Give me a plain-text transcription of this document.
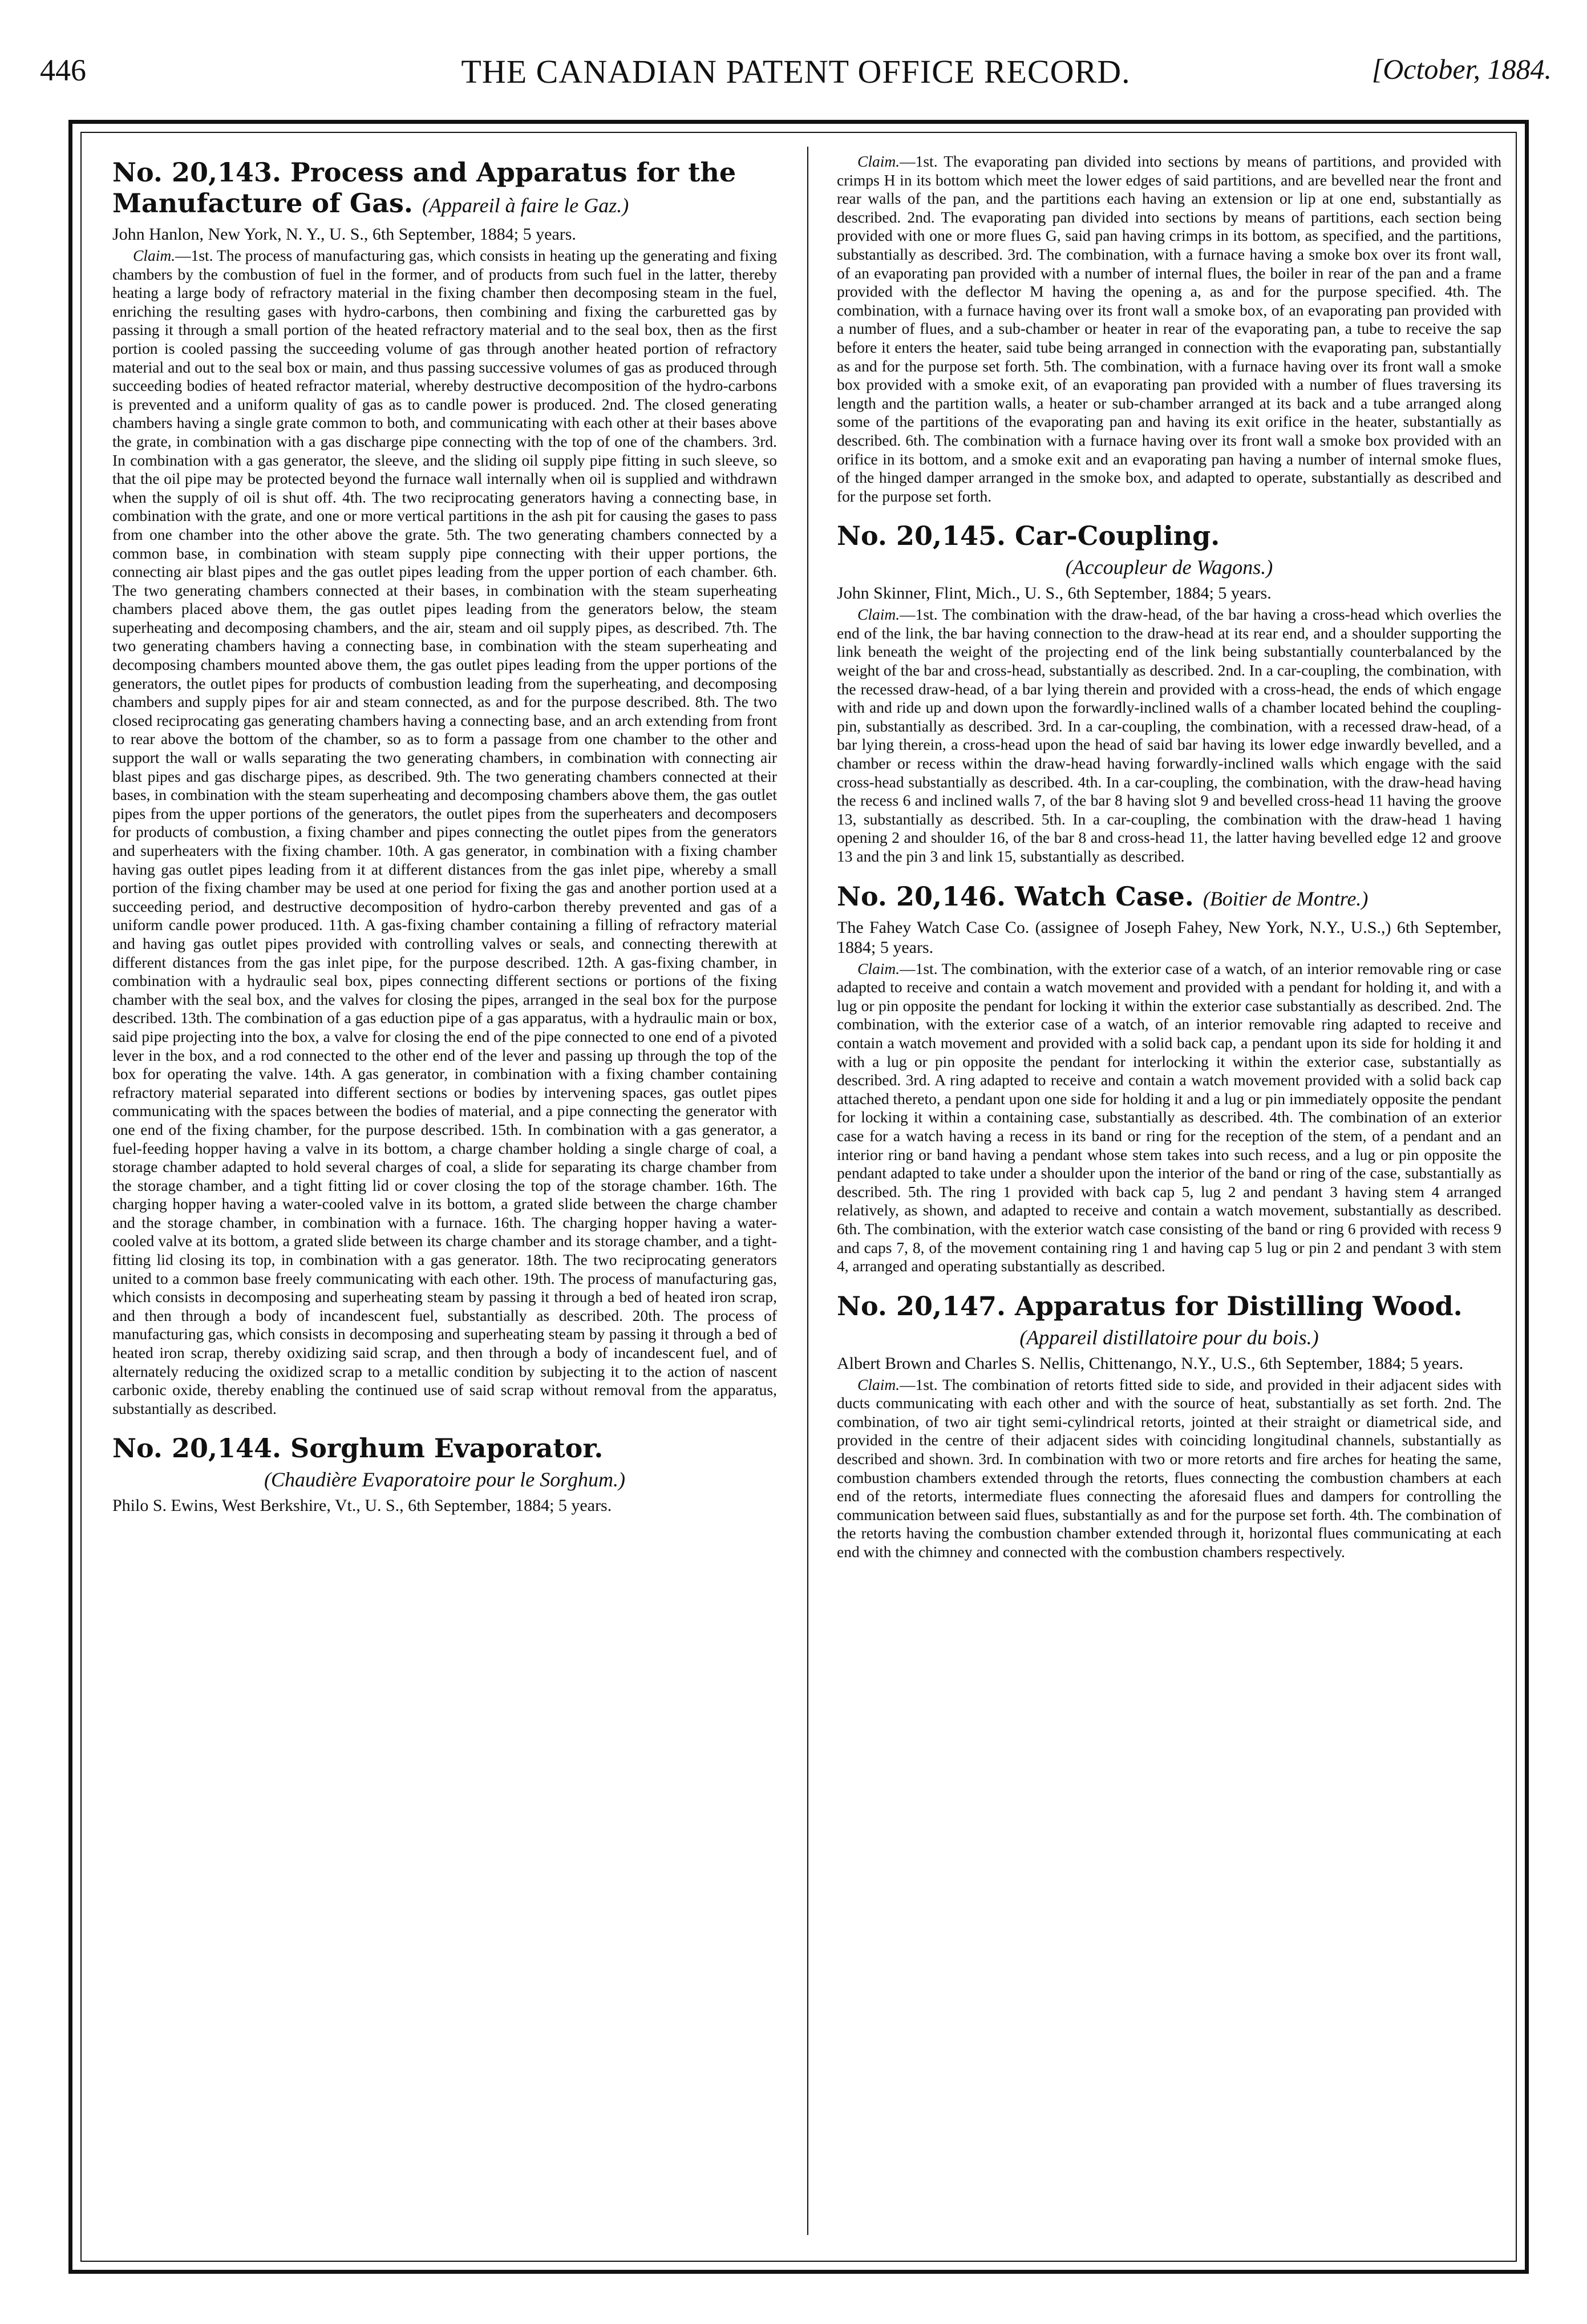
446	THE CANADIAN PATENT OFFICE RECORD.	[October, 1884.
No. 20,143. Process and Apparatus for the Manufacture of Gas. (Appareil à faire le Gaz.)

John Hanlon, New York, N. Y., U. S., 6th September, 1884; 5 years.

Claim.—1st. The process of manufacturing gas, which consists in heating up the generating and fixing chambers by the combustion of fuel in the former, and of products from such fuel in the latter, thereby heating a large body of refractory material in the fixing chamber then decomposing steam in the fuel, enriching the resulting gases with hydro-carbons, then combining and fixing the carburetted gas by passing it through a small portion of the heated refractory material and to the seal box, then as the first portion is cooled passing the succeeding volume of gas through another heated portion of refractory material and out to the seal box or main, and thus passing successive volumes of gas as produced through succeeding bodies of heated refractor material, whereby destructive decomposition of the hydro-carbons is prevented and a uniform quality of gas as to candle power is produced. 2nd. The closed generating chambers having a single grate common to both, and communicating with each other at their bases above the grate, in combination with a gas discharge pipe connecting with the top of one of the chambers. 3rd. In combination with a gas generator, the sleeve, and the sliding oil supply pipe fitting in such sleeve, so that the oil pipe may be protected beyond the furnace wall internally when oil is supplied and withdrawn when the supply of oil is shut off. 4th. The two reciprocating generators having a connecting base, in combination with the grate, and one or more vertical partitions in the ash pit for causing the gases to pass from one chamber into the other above the grate. 5th. The two generating chambers connected by a common base, in combination with steam supply pipe connecting with their upper portions, the connecting air blast pipes and the gas outlet pipes leading from the upper portion of each chamber. 6th. The two generating chambers connected at their bases, in combination with the steam superheating chambers placed above them, the gas outlet pipes leading from the generators below, the steam superheating and decomposing chambers, and the air, steam and oil supply pipes, as described. 7th. The two generating chambers having a connecting base, in combination with the steam superheating and decomposing chambers mounted above them, the gas outlet pipes leading from the upper portions of the generators, the outlet pipes for products of combustion leading from the superheating, and decomposing chambers and supply pipes for air and steam connected, as and for the purpose described. 8th. The two closed reciprocating gas generating chambers having a connecting base, and an arch extending from front to rear above the bottom of the chamber, so as to form a passage from one chamber to the other and support the wall or walls separating the two generating chambers, in combination with connecting air blast pipes and gas discharge pipes, as described. 9th. The two generating chambers connected at their bases, in combination with the steam superheating and decomposing chambers above them, the gas outlet pipes from the upper portions of the generators, the outlet pipes from the superheaters and decomposers for products of combustion, a fixing chamber and pipes connecting the outlet pipes from the generators and superheaters with the fixing chamber. 10th. A gas generator, in combination with a fixing chamber having gas outlet pipes leading from it at different distances from the gas inlet pipe, whereby a small portion of the fixing chamber may be used at one period for fixing the gas and another portion used at a succeeding period, and destructive decomposition of hydro-carbon thereby prevented and gas of a uniform candle power produced. 11th. A gas-fixing chamber containing a filling of refractory material and having gas outlet pipes provided with controlling valves or seals, and connecting therewith at different distances from the gas inlet pipe, for the purpose described. 12th. A gas-fixing chamber, in combination with a hydraulic seal box, pipes connecting different sections or portions of the fixing chamber with the seal box, and the valves for closing the pipes, arranged in the seal box for the purpose described. 13th. The combination of a gas eduction pipe of a gas apparatus, with a hydraulic main or box, said pipe projecting into the box, a valve for closing the end of the pipe connected to one end of a pivoted lever in the box, and a rod connected to the other end of the lever and passing up through the top of the box for operating the valve. 14th. A gas generator, in combination with a fixing chamber containing refractory material separated into different sections or bodies by intervening spaces, gas outlet pipes communicating with the spaces between the bodies of material, and a pipe connecting the generator with one end of the fixing chamber, for the purpose described. 15th. In combination with a gas generator, a fuel-feeding hopper having a valve in its bottom, a charge chamber holding a single charge of coal, a storage chamber adapted to hold several charges of coal, a slide for separating its charge chamber from the storage chamber, and a tight fitting lid or cover closing the top of the storage chamber. 16th. The charging hopper having a water-cooled valve in its bottom, a grated slide between the charge chamber and the storage chamber, in combination with a furnace. 16th. The charging hopper having a water-cooled valve at its bottom, a grated slide between its charge chamber and its storage chamber, and a tight-fitting lid closing its top, in combination with a gas generator. 18th. The two reciprocating generators united to a common base freely communicating with each other. 19th. The process of manufacturing gas, which consists in decomposing and superheating steam by passing it through a bed of heated iron scrap, and then through a body of incandescent fuel, substantially as described. 20th. The process of manufacturing gas, which consists in decomposing and superheating steam by passing it through a bed of heated iron scrap, thereby oxidizing said scrap, and then through a body of incandescent fuel, and of alternately reducing the oxidized scrap to a metallic condition by subjecting it to the action of nascent carbonic oxide, thereby enabling the continued use of said scrap without removal from the apparatus, substantially as described.

No. 20,144. Sorghum Evaporator.

(Chaudière Evaporatoire pour le Sorghum.)

Philo S. Ewins, West Berkshire, Vt., U. S., 6th September, 1884; 5 years.

Claim.—1st. The evaporating pan divided into sections by means of partitions, and provided with crimps H in its bottom which meet the lower edges of said partitions, and are bevelled near the front and rear walls of the pan, and the partitions each having an extension or lip at one end, substantially as described. 2nd. The evaporating pan divided into sections by means of partitions, each section being provided with one or more flues G, said pan having crimps in its bottom, as specified, and the partitions, substantially as described. 3rd. The combination, with a furnace having a smoke box over its front wall, of an evaporating pan provided with a number of internal flues, the boiler in rear of the pan and a frame provided with the deflector M having the opening a, as and for the purpose specified. 4th. The combination, with a furnace having over its front wall a smoke box, of an evaporating pan provided with a number of flues, and a sub-chamber or heater in rear of the evaporating pan, a tube to receive the sap before it enters the heater, said tube being arranged in connection with the evaporating pan, substantially as and for the purpose set forth. 5th. The combination, with a furnace having over its front wall a smoke box provided with a smoke exit, of an evaporating pan provided with a number of flues traversing its length and the partition walls, a heater or sub-chamber arranged at its back and a tube arranged along some of the partitions of the evaporating pan and having its exit orifice in the heater, substantially as described. 6th. The combination with a furnace having over its front wall a smoke box provided with an orifice in its bottom, and a smoke exit and an evaporating pan having a number of internal smoke flues, of the hinged damper arranged in the smoke box, and adapted to operate, substantially as described and for the purpose set forth.

No. 20,145. Car-Coupling.

(Accoupleur de Wagons.)

John Skinner, Flint, Mich., U. S., 6th September, 1884; 5 years.

Claim.—1st. The combination with the draw-head, of the bar having a cross-head which overlies the end of the link, the bar having connection to the draw-head at its rear end, and a shoulder supporting the link beneath the weight of the projecting end of the link being substantially counterbalanced by the weight of the bar and cross-head, substantially as described. 2nd. In a car-coupling, the combination, with the recessed draw-head, of a bar lying therein and provided with a cross-head, the ends of which engage with and ride up and down upon the forwardly-inclined walls of a chamber located behind the coupling-pin, substantially as described. 3rd. In a car-coupling, the combination, with a recessed draw-head, of a bar lying therein, a cross-head upon the head of said bar having its lower edge inwardly bevelled, and a chamber or recess within the draw-head having forwardly-inclined walls which engage with the said cross-head substantially as described. 4th. In a car-coupling, the combination, with the draw-head having the recess 6 and inclined walls 7, of the bar 8 having slot 9 and bevelled cross-head 11 having the groove 13, substantially as described. 5th. In a car-coupling, the combination with the draw-head 1 having opening 2 and shoulder 16, of the bar 8 and cross-head 11, the latter having bevelled edge 12 and groove 13 and the pin 3 and link 15, substantially as described.

No. 20,146. Watch Case. (Boitier de Montre.)

The Fahey Watch Case Co. (assignee of Joseph Fahey, New York, N.Y., U.S.,) 6th September, 1884; 5 years.

Claim.—1st. The combination, with the exterior case of a watch, of an interior removable ring or case adapted to receive and contain a watch movement and provided with a pendant for holding it, and with a lug or pin opposite the pendant for locking it within the exterior case substantially as described. 2nd. The combination, with the exterior case of a watch, of an interior removable ring adapted to receive and contain a watch movement and provided with a solid back cap, a pendant upon its side for holding it and with a lug or pin opposite the pendant for interlocking it within the exterior case, substantially as described. 3rd. A ring adapted to receive and contain a watch movement provided with a solid back cap attached thereto, a pendant upon one side for holding it and a lug or pin immediately opposite the pendant for locking it within a containing case, substantially as described. 4th. The combination of an exterior case for a watch having a recess in its band or ring for the reception of the stem, of a pendant and an interior ring or band having a pendant whose stem takes into such recess, and a lug or pin opposite the pendant adapted to take under a shoulder upon the interior of the band or ring of the case, substantially as described. 5th. The ring 1 provided with back cap 5, lug 2 and pendant 3 having stem 4 arranged relatively, as shown, and adapted to receive and contain a watch movement, substantially as described. 6th. The combination, with the exterior watch case consisting of the band or ring 6 provided with recess 9 and caps 7, 8, of the movement containing ring 1 and having cap 5 lug or pin 2 and pendant 3 with stem 4, arranged and operating substantially as described.

No. 20,147. Apparatus for Distilling Wood.

(Appareil distillatoire pour du bois.)

Albert Brown and Charles S. Nellis, Chittenango, N.Y., U.S., 6th September, 1884; 5 years.

Claim.—1st. The combination of retorts fitted side to side, and provided in their adjacent sides with ducts communicating with each other and with the source of heat, substantially as set forth. 2nd. The combination, of two air tight semi-cylindrical retorts, jointed at their straight or diametrical side, and provided in the centre of their adjacent sides with coinciding longitudinal channels, substantially as described and shown. 3rd. In combination with two or more retorts and fire arches for heating the same, combustion chambers extended through the retorts, flues connecting the combustion chambers at each end of the retorts, intermediate flues connecting the aforesaid flues and dampers for controlling the communication between said flues, substantially as and for the purpose set forth. 4th. The combination of the retorts having the combustion chamber extended through it, horizontal flues communicating at each end with the chimney and connected with the combustion chambers respectively.
